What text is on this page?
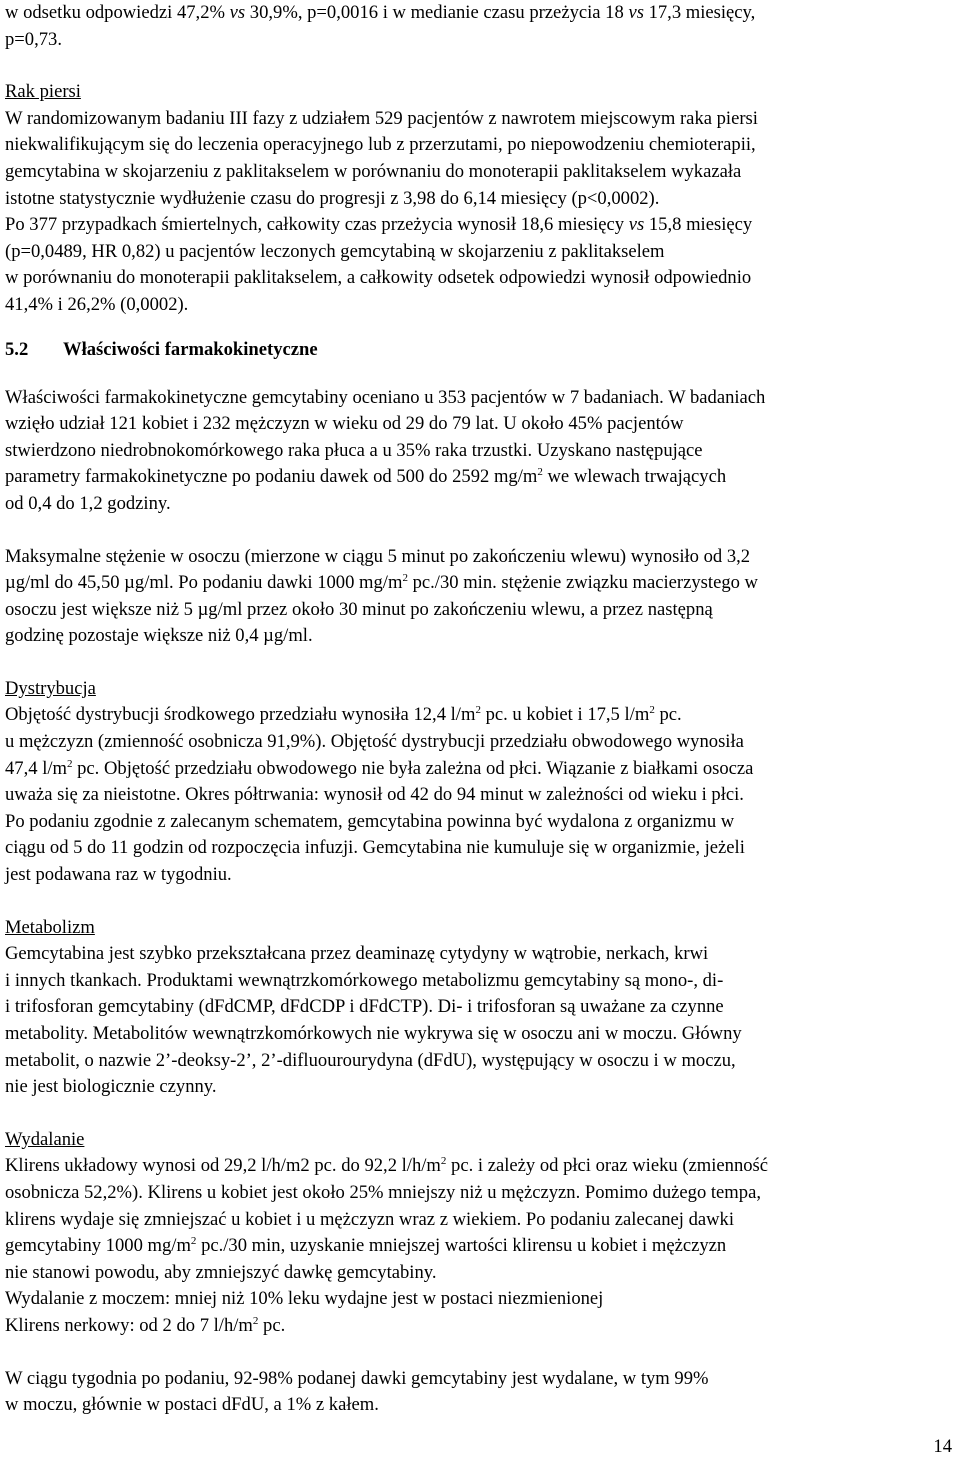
w odsetku odpowiedzi 47,2% vs 30,9%, p=0,0016 i w medianie czasu przeżycia 18 vs 17,3 miesięcy,
p=0,73.
Rak piersi
W randomizowanym badaniu III fazy z udziałem 529 pacjentów z nawrotem miejscowym raka piersi
niekwalifikującym się do leczenia operacyjnego lub z przerzutami, po niepowodzeniu chemioterapii,
gemcytabina w skojarzeniu z paklitakselem w porównaniu do monoterapii paklitakselem wykazała
istotne statystycznie wydłużenie czasu do progresji z 3,98 do 6,14 miesięcy (p<0,0002).
Po 377 przypadkach śmiertelnych, całkowity czas przeżycia wynosił 18,6 miesięcy vs 15,8 miesięcy
(p=0,0489, HR 0,82) u pacjentów leczonych gemcytabiną w skojarzeniu z paklitakselem
w porównaniu do monoterapii paklitakselem, a całkowity odsetek odpowiedzi wynosił odpowiednio
41,4% i 26,2% (0,0002).
5.2 Właściwości farmakokinetyczne
Właściwości farmakokinetyczne gemcytabiny oceniano u 353 pacjentów w 7 badaniach. W badaniach
wzięło udział 121 kobiet i 232 mężczyzn w wieku od 29 do 79 lat. U około 45% pacjentów
stwierdzono niedrobnokomórkowego raka płuca a u 35% raka trzustki. Uzyskano następujące
parametry farmakokinetyczne po podaniu dawek od 500 do 2592 $mg/m^2$ we wlewach trwających
od 0,4 do 1,2 godziny.
Maksymalne stężenie w osoczu (mierzone w ciągu 5 minut po zakończeniu wlewu) wynosiło od 3,2
µg/ml do 45,50 µg/ml. Po podaniu dawki 1000 $mg/m^2$ pc./30 min. stężenie związku macierzystego w
osoczu jest większe niż 5 µg/ml przez około 30 minut po zakończeniu wlewu, a przez następną
godzinę pozostaje większe niż 0,4 µg/ml.
Dystrybucja
Objętość dystrybucji środkowego przedziału wynosiła 12,4 $l/m^2$ pc. u kobiet i 17,5 $l/m^2$ pc.
u mężczyzn (zmienność osobnicza 91,9%). Objętość dystrybucji przedziału obwodowego wynosiła
47,4 $l/m^2$ pc. Objętość przedziału obwodowego nie była zależna od płci. Wiązanie z białkami osocza
uważa się za nieistotne. Okres półtrwania: wynosił od 42 do 94 minut w zależności od wieku i płci.
Po podaniu zgodnie z zalecanym schematem, gemcytabina powinna być wydalona z organizmu w
ciągu od 5 do 11 godzin od rozpoczęcia infuzji. Gemcytabina nie kumuluje się w organizmie, jeżeli
jest podawana raz w tygodniu.
Metabolizm
Gemcytabina jest szybko przekształcana przez deaminazę cytydyny w wątrobie, nerkach, krwi
i innych tkankach. Produktami wewnątrzkomórkowego metabolizmu gemcytabiny są mono-, di-
i trifosforan gemcytabiny (dFdCMP, dFdCDP i dFdCTP). Di- i trifosforan są uważane za czynne
metabolity. Metabolitów wewnątrzkomórkowych nie wykrywa się w osoczu ani w moczu. Główny
metabolit, o nazwie 2’-deoksy-2’, 2’-difluourourydyna (dFdU), występujący w osoczu i w moczu,
nie jest biologicznie czynny.
Wydalanie
Klirens układowy wynosi od 29,2 l/h/m2 pc. do 92,2 $l/h/m^2$ pc. i zależy od płci oraz wieku (zmienność
osobnicza 52,2%). Klirens u kobiet jest około 25% mniejszy niż u mężczyzn. Pomimo dużego tempa,
klirens wydaje się zmniejszać u kobiet i u mężczyzn wraz z wiekiem. Po podaniu zalecanej dawki
gemcytabiny 1000 $mg/m^2$ pc./30 min, uzyskanie mniejszej wartości klirensu u kobiet i mężczyzn
nie stanowi powodu, aby zmniejszyć dawkę gemcytabiny.
Wydalanie z moczem: mniej niż 10% leku wydajne jest w postaci niezmienionej
Klirens nerkowy: od 2 do 7 $l/h/m^2$ pc.
W ciągu tygodnia po podaniu, 92-98% podanej dawki gemcytabiny jest wydalane, w tym 99%
w moczu, głównie w postaci dFdU, a 1% z kałem.
14
